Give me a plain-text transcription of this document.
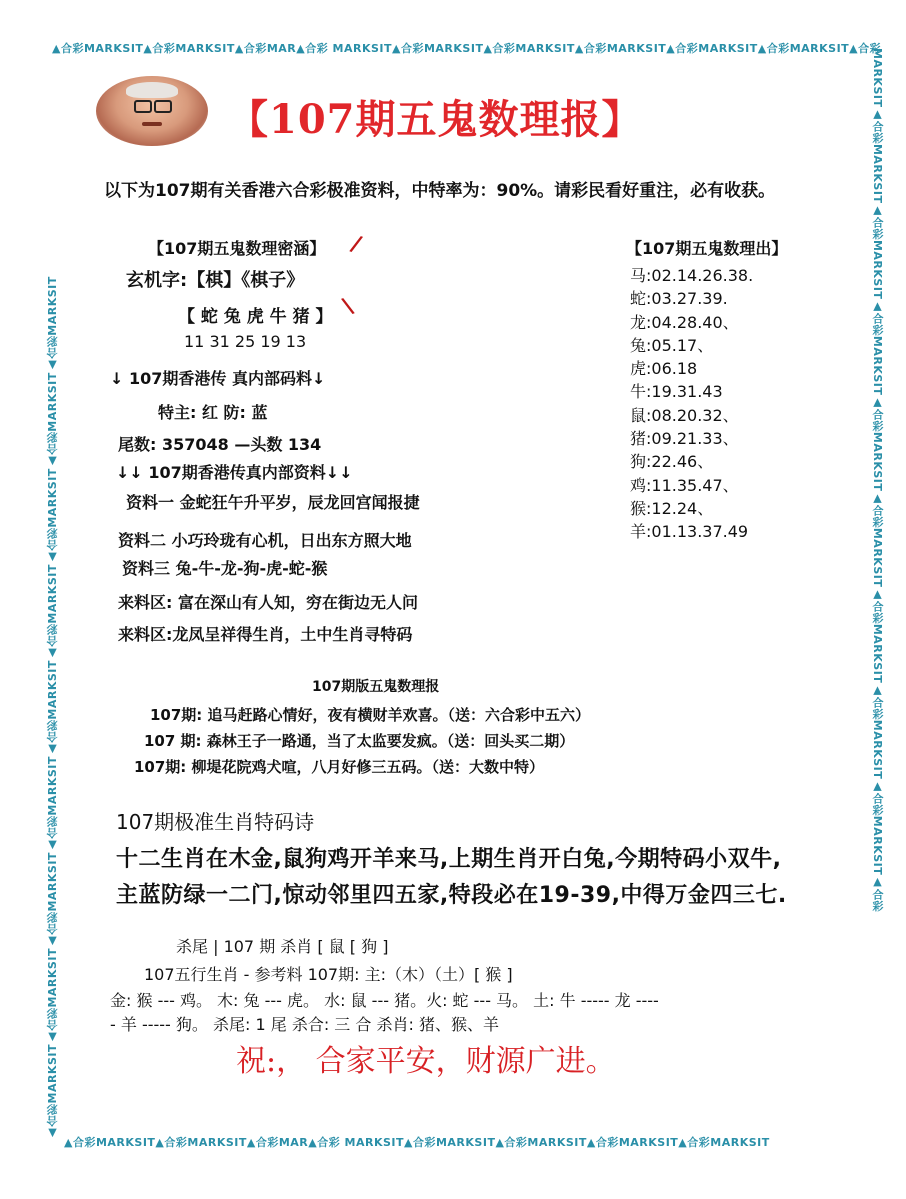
▲合彩MARKSIT▲合彩MARKSIT▲合彩MAR▲合彩 MARKSIT▲合彩MARKSIT▲合彩MARKSIT▲合彩MARKSIT▲合彩MARKSIT▲合彩MARKSIT▲合彩
▲合彩MARKSIT▲合彩MARKSIT▲合彩MAR▲合彩 MARKSIT▲合彩MARKSIT▲合彩MARKSIT▲合彩MARKSIT▲合彩MARKSIT
▲合彩MARKSIT▲合彩MARKSIT▲合彩MARKSIT▲合彩MARKSIT▲合彩MARKSIT▲合彩MARKSIT▲合彩MARKSIT▲合彩MARKSIT▲合彩MARKSIT	MARKSIT▲合彩MARKSIT▲合彩MARKSIT▲合彩MARKSIT▲合彩MARKSIT▲合彩MARKSIT▲合彩MARKSIT▲合彩MARKSIT▲合彩MARKSIT▲合彩
【107期五鬼数理报】
以下为107期有关香港六合彩极准资料，中特率为：90%。请彩民看好重注，必有收获。
【107期五鬼数理密涵】 /
玄机字:【棋】《棋子》
【 蛇 兔 虎 牛 猪 】 \
11 31 25 19 13
↓ 107期香港传 真内部码料↓
特主: 红 防: 蓝
尾数: 357048 —头数 134
↓↓ 107期香港传真内部资料↓↓
资料一 金蛇狂午升平岁，辰龙回宫闻报捷
资料二 小巧玲珑有心机，日出东方照大地
资料三 兔-牛-龙-狗-虎-蛇-猴
来料区: 富在深山有人知，穷在街边无人问
来料区:龙凤呈祥得生肖，土中生肖寻特码
【107期五鬼数理出】
马:02.14.26.38.
蛇:03.27.39.
龙:04.28.40、
兔:05.17、
虎:06.18
牛:19.31.43
鼠:08.20.32、
猪:09.21.33、
狗:22.46、
鸡:11.35.47、
猴:12.24、
羊:01.13.37.49
107期版五鬼数理报
107期: 追马赶路心情好，夜有横财羊欢喜。（送：六合彩中五六）
107 期: 森林王子一路通，当了太监要发疯。（送：回头买二期）
107期: 柳堤花院鸡犬喧，八月好修三五码。（送：大数中特）
107期极准生肖特码诗
十二生肖在木金,鼠狗鸡开羊来马,上期生肖开白兔,今期特码小双牛,
主蓝防绿一二门,惊动邻里四五家,特段必在19-39,中得万金四三七.
杀尾 | 107 期 杀肖 [ 鼠 [ 狗 ]
107五行生肖 - 参考料 107期: 主:（木）（土）[ 猴 ]
金: 猴 --- 鸡。 木: 兔 --- 虎。 水: 鼠 --- 猪。火: 蛇 --- 马。 土: 牛 ----- 龙 ----
- 羊 ----- 狗。 杀尾: 1 尾 杀合: 三 合 杀肖: 猪、猴、羊
祝:， 合家平安，财源广进。
